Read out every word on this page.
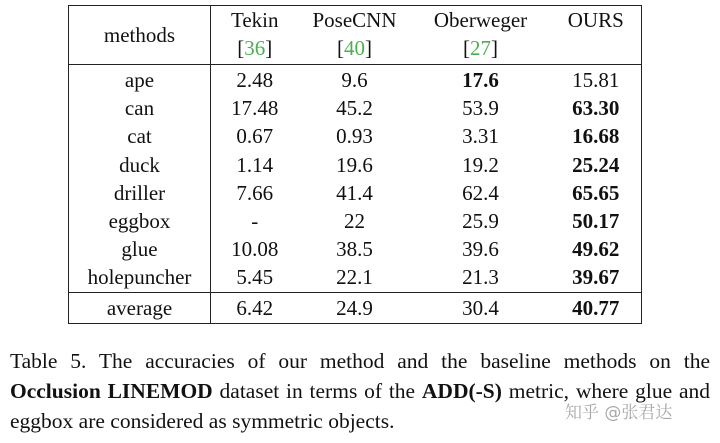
methods	Tekin	PoseCNN	Oberweger	OURS
	[36]	[40]	[27]	
ape	2.48	9.6	17.6	15.81
can	17.48	45.2	53.9	63.30
cat	0.67	0.93	3.31	16.68
duck	1.14	19.6	19.2	25.24
driller	7.66	41.4	62.4	65.65
eggbox	-	22	25.9	50.17
glue	10.08	38.5	39.6	49.62
holepuncher	5.45	22.1	21.3	39.67
average	6.42	24.9	30.4	40.77
Table 5. The accuracies of our method and the baseline methods on the Occlusion LINEMOD dataset in terms of the ADD(-S) metric, where glue and eggbox are considered as symmetric objects.	知乎 @张君达
